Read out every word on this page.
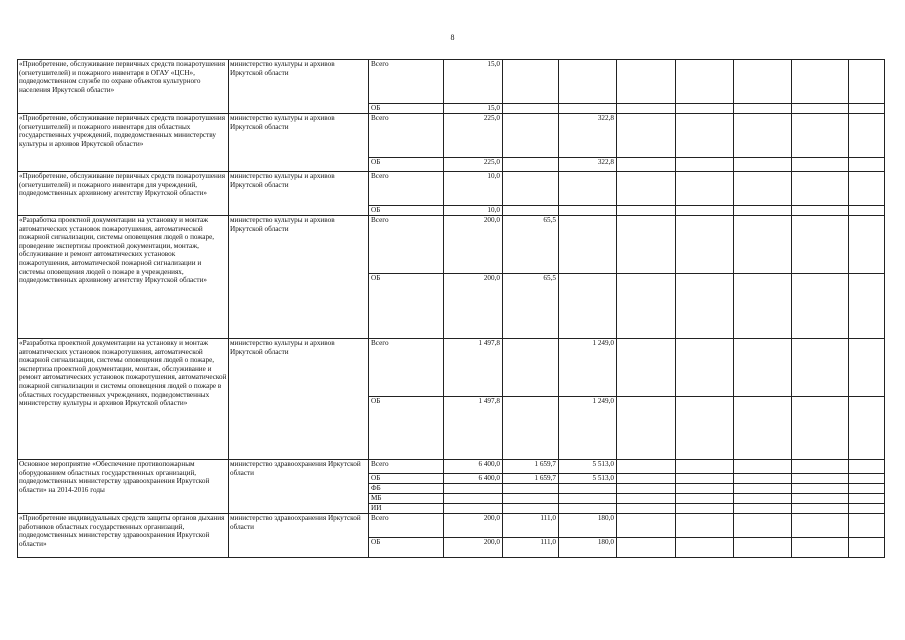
8
«Приобретение, обслуживание первичных средств пожаротушения (огнетушителей) и пожарного инвентаря в ОГАУ «ЦСН», подведомственном службе по охране объектов культурного населения Иркутской области»	министерство культуры и архивов Иркутской области	Всего	15,0							
		ОБ	15,0							
«Приобретение, обслуживание первичных средств пожаротушения (огнетушителей) и пожарного инвентаря для областных государственных учреждений, подведомственных министерству культуры и архивов Иркутской области»	министерство культуры и архивов Иркутской области	Всего	225,0		322,8					
		ОБ	225,0		322,8					
«Приобретение, обслуживание первичных средств пожаротушения (огнетушителей) и пожарного инвентаря для учреждений, подведомственных архивному агентству Иркутской области»	министерство культуры и архивов Иркутской области	Всего	10,0							
		ОБ	10,0							
«Разработка проектной документации на установку и монтаж автоматических установок пожаротушения, автоматической пожарной сигнализации, системы оповещения людей о пожаре, проведение экспертизы проектной документации, монтаж, обслуживание и ремонт автоматических установок пожаротушения, автоматической пожарной сигнализации и системы оповещения людей о пожаре в учреждениях, подведомственных архивному агентству Иркутской области»	министерство культуры и архивов Иркутской области	Всего	200,0	65,5						
		ОБ	200,0	65,5						
«Разработка проектной документации на установку и монтаж автоматических установок пожаротушения, автоматической пожарной сигнализации, системы оповещения людей о пожаре, экспертиза проектной документации, монтаж, обслуживание и ремонт автоматических установок пожаротушения, автоматической пожарной сигнализации и системы оповещения людей о пожаре в областных государственных учреждениях, подведомственных министерству культуры и архивов Иркутской области»	министерство культуры и архивов Иркутской области	Всего	1 497,8		1 249,0					
		ОБ	1 497,8		1 249,0					
Основное мероприятие «Обеспечение противопожарным оборудованием областных государственных организаций, подведомственных министерству здравоохранения Иркутской области» на 2014-2016 годы	министерство здравоохранения Иркутской области	Всего	6 400,0	1 659,7	5 513,0					
		ОБ	6 400,0	1 659,7	5 513,0					
		ФБ								
		МБ								
		ИИ								
«Приобретение индивидуальных средств защиты органов дыхания работников областных государственных организаций, подведомственных министерству здравоохранения Иркутской области»	министерство здравоохранения Иркутской области	Всего	200,0	111,0	180,0					
		ОБ	200,0	111,0	180,0					
